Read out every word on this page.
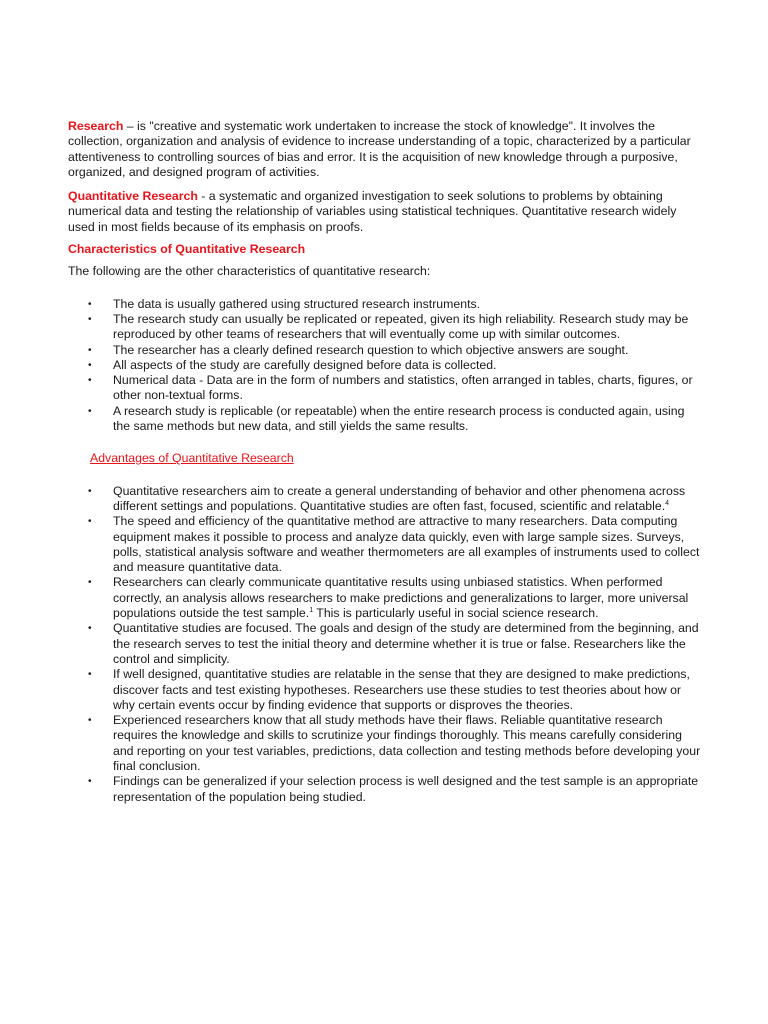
Research – is "creative and systematic work undertaken to increase the stock of knowledge". It involves the collection, organization and analysis of evidence to increase understanding of a topic, characterized by a particular attentiveness to controlling sources of bias and error. It is the acquisition of new knowledge through a purposive, organized, and designed program of activities.

Quantitative Research - a systematic and organized investigation to seek solutions to problems by obtaining numerical data and testing the relationship of variables using statistical techniques. Quantitative research widely used in most fields because of its emphasis on proofs.

Characteristics of Quantitative Research

The following are the other characteristics of quantitative research:

• The data is usually gathered using structured research instruments.
• The research study can usually be replicated or repeated, given its high reliability. Research study may be reproduced by other teams of researchers that will eventually come up with similar outcomes.
• The researcher has a clearly defined research question to which objective answers are sought.
• All aspects of the study are carefully designed before data is collected.
• Numerical data - Data are in the form of numbers and statistics, often arranged in tables, charts, figures, or other non-textual forms.
• A research study is replicable (or repeatable) when the entire research process is conducted again, using the same methods but new data, and still yields the same results.

Advantages of Quantitative Research

• Quantitative researchers aim to create a general understanding of behavior and other phenomena across different settings and populations. Quantitative studies are often fast, focused, scientific and relatable.$^4$
• The speed and efficiency of the quantitative method are attractive to many researchers. Data computing equipment makes it possible to process and analyze data quickly, even with large sample sizes. Surveys, polls, statistical analysis software and weather thermometers are all examples of instruments used to collect and measure quantitative data.
• Researchers can clearly communicate quantitative results using unbiased statistics. When performed correctly, an analysis allows researchers to make predictions and generalizations to larger, more universal populations outside the test sample.$^1$ This is particularly useful in social science research.
• Quantitative studies are focused. The goals and design of the study are determined from the beginning, and the research serves to test the initial theory and determine whether it is true or false. Researchers like the control and simplicity.
• If well designed, quantitative studies are relatable in the sense that they are designed to make predictions, discover facts and test existing hypotheses. Researchers use these studies to test theories about how or why certain events occur by finding evidence that supports or disproves the theories.
• Experienced researchers know that all study methods have their flaws. Reliable quantitative research requires the knowledge and skills to scrutinize your findings thoroughly. This means carefully considering and reporting on your test variables, predictions, data collection and testing methods before developing your final conclusion.
• Findings can be generalized if your selection process is well designed and the test sample is an appropriate representation of the population being studied.
